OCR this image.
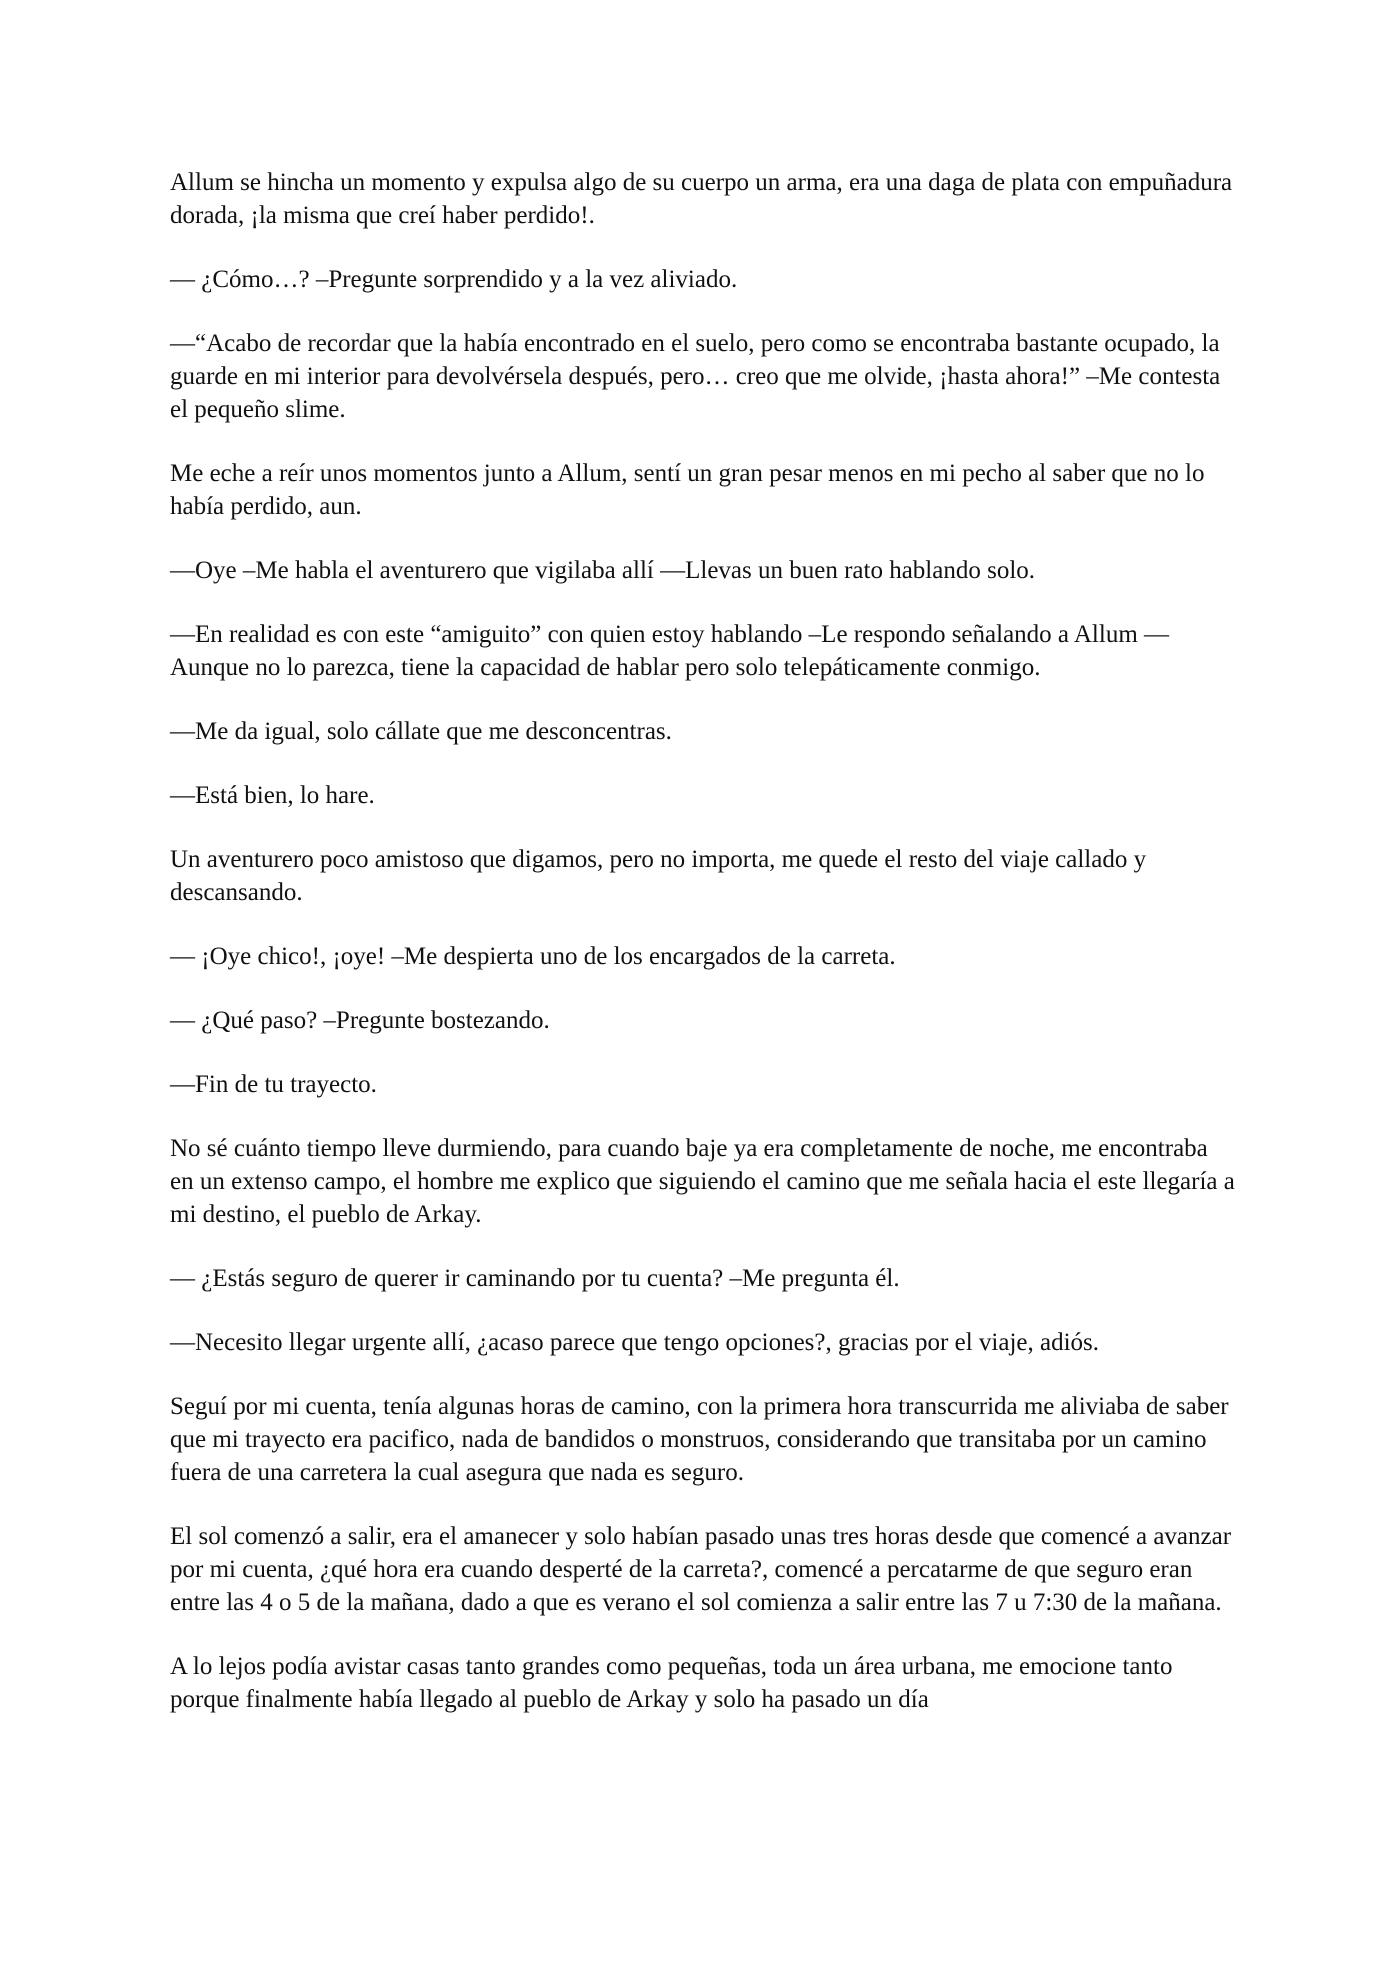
Allum se hincha un momento y expulsa algo de su cuerpo un arma, era una daga de plata con empuñadura dorada, ¡la misma que creí haber perdido!.

— ¿Cómo…? –Pregunte sorprendido y a la vez aliviado.

—“Acabo de recordar que la había encontrado en el suelo, pero como se encontraba bastante ocupado, la guarde en mi interior para devolvérsela después, pero… creo que me olvide, ¡hasta ahora!” –Me contesta el pequeño slime.

Me eche a reír unos momentos junto a Allum, sentí un gran pesar menos en mi pecho al saber que no lo había perdido, aun.

—Oye –Me habla el aventurero que vigilaba allí —Llevas un buen rato hablando solo.

—En realidad es con este “amiguito” con quien estoy hablando –Le respondo señalando a Allum —Aunque no lo parezca, tiene la capacidad de hablar pero solo telepáticamente conmigo.

—Me da igual, solo cállate que me desconcentras.

—Está bien, lo hare.

Un aventurero poco amistoso que digamos, pero no importa, me quede el resto del viaje callado y descansando.

— ¡Oye chico!, ¡oye! –Me despierta uno de los encargados de la carreta.

— ¿Qué paso? –Pregunte bostezando.

—Fin de tu trayecto.

No sé cuánto tiempo lleve durmiendo, para cuando baje ya era completamente de noche, me encontraba en un extenso campo, el hombre me explico que siguiendo el camino que me señala hacia el este llegaría a mi destino, el pueblo de Arkay.

— ¿Estás seguro de querer ir caminando por tu cuenta? –Me pregunta él.

—Necesito llegar urgente allí, ¿acaso parece que tengo opciones?, gracias por el viaje, adiós.

Seguí por mi cuenta, tenía algunas horas de camino, con la primera hora transcurrida me aliviaba de saber que mi trayecto era pacifico, nada de bandidos o monstruos, considerando que transitaba por un camino fuera de una carretera la cual asegura que nada es seguro.

El sol comenzó a salir, era el amanecer y solo habían pasado unas tres horas desde que comencé a avanzar por mi cuenta, ¿qué hora era cuando desperté de la carreta?, comencé a percatarme de que seguro eran entre las 4 o 5 de la mañana, dado a que es verano el sol comienza a salir entre las 7 u 7:30 de la mañana.

A lo lejos podía avistar casas tanto grandes como pequeñas, toda un área urbana, me emocione tanto porque finalmente había llegado al pueblo de Arkay y solo ha pasado un día
